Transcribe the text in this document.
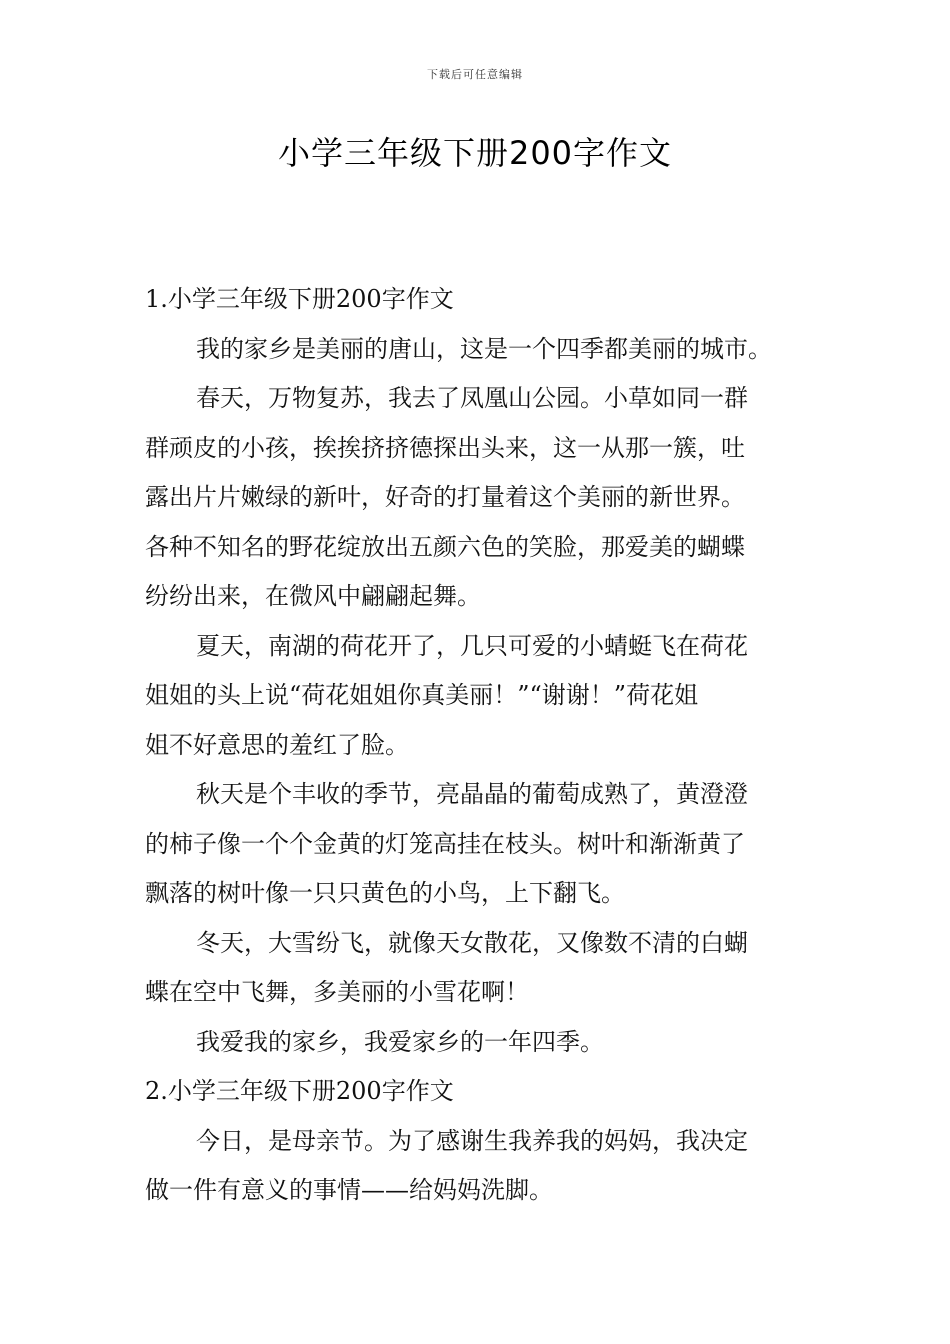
下载后可任意编辑
小学三年级下册200字作文
1.小学三年级下册200字作文
我的家乡是美丽的唐山，这是一个四季都美丽的城市。
春天，万物复苏，我去了凤凰山公园。小草如同一群
群顽皮的小孩，挨挨挤挤德探出头来，这一从那一簇，吐
露出片片嫩绿的新叶，好奇的打量着这个美丽的新世界。
各种不知名的野花绽放出五颜六色的笑脸，那爱美的蝴蝶
纷纷出来，在微风中翩翩起舞。
夏天，南湖的荷花开了，几只可爱的小蜻蜓飞在荷花
姐姐的头上说“荷花姐姐你真美丽！”“谢谢！”荷花姐
姐不好意思的羞红了脸。
秋天是个丰收的季节，亮晶晶的葡萄成熟了，黄澄澄
的柿子像一个个金黄的灯笼高挂在枝头。树叶和渐渐黄了
飘落的树叶像一只只黄色的小鸟，上下翻飞。
冬天，大雪纷飞，就像天女散花，又像数不清的白蝴
蝶在空中飞舞，多美丽的小雪花啊！
我爱我的家乡，我爱家乡的一年四季。
2.小学三年级下册200字作文
今日，是母亲节。为了感谢生我养我的妈妈，我决定
做一件有意义的事情——给妈妈洗脚。
